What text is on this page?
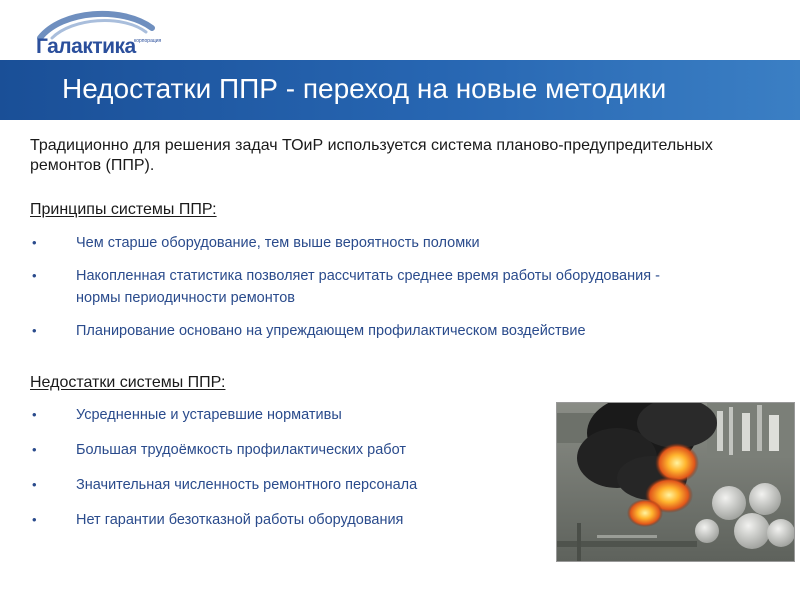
корпорация
Галактика
Недостатки ППР - переход на новые методики
Традиционно для решения задач ТОиР используется система планово-предупредительных ремонтов (ППР).
Принципы системы ППР:
•	Чем старше оборудование, тем выше вероятность поломки
•	Накопленная статистика позволяет рассчитать среднее время работы оборудования - нормы периодичности ремонтов
•	Планирование основано на упреждающем профилактическом воздействие
Недостатки системы ППР:
•	Усредненные и устаревшие нормативы
•	Большая трудоёмкость профилактических работ
•	Значительная численность ремонтного персонала
•	Нет гарантии безотказной работы оборудования
